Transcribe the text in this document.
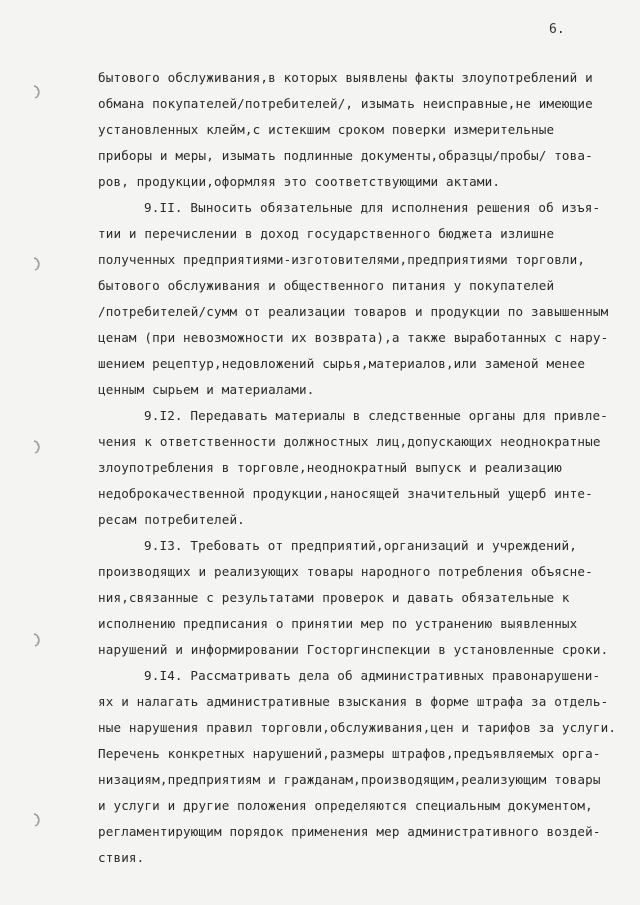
6.
бытового обслуживания,в которых выявлены факты злоупотреблений и
обмана покупателей/потребителей/, изымать неисправные,не имеющие
установленных клейм,с истекшим сроком поверки измерительные
приборы и меры, изымать подлинные документы,образцы/пробы/ това-
ров, продукции,оформляя это соответствующими актами.
9.II. Выносить обязательные для исполнения решения об изъя-
тии и перечислении в доход государственного бюджета излишне
полученных предприятиями-изготовителями,предприятиями торговли,
бытового обслуживания и общественного питания у покупателей
/потребителей/сумм от реализации товаров и продукции по завышенным
ценам (при невозможности их возврата),а также выработанных с нару-
шением рецептур,недовложений сырья,материалов,или заменой менее
ценным сырьем и материалами.
9.I2. Передавать материалы в следственные органы для привле-
чения к ответственности должностных лиц,допускающих неоднократные
злоупотребления в торговле,неоднократный выпуск и реализацию
недоброкачественной продукции,наносящей значительный ущерб инте-
ресам потребителей.
9.I3. Требовать от предприятий,организаций и учреждений,
производящих и реализующих товары народного потребления объясне-
ния,связанные с результатами проверок и давать обязательные к
исполнению предписания о принятии мер по устранению выявленных
нарушений и информировании Госторгинспекции в установленные сроки.
9.I4. Рассматривать дела об административных правонарушени-
ях и налагать административные взыскания в форме штрафа за отдель-
ные нарушения правил торговли,обслуживания,цен и тарифов за услуги.
Перечень конкретных нарушений,размеры штрафов,предъявляемых орга-
низациям,предприятиям и гражданам,производящим,реализующим товары
и услуги и другие положения определяются специальным документом,
регламентирующим порядок применения мер административного воздей-
ствия.
